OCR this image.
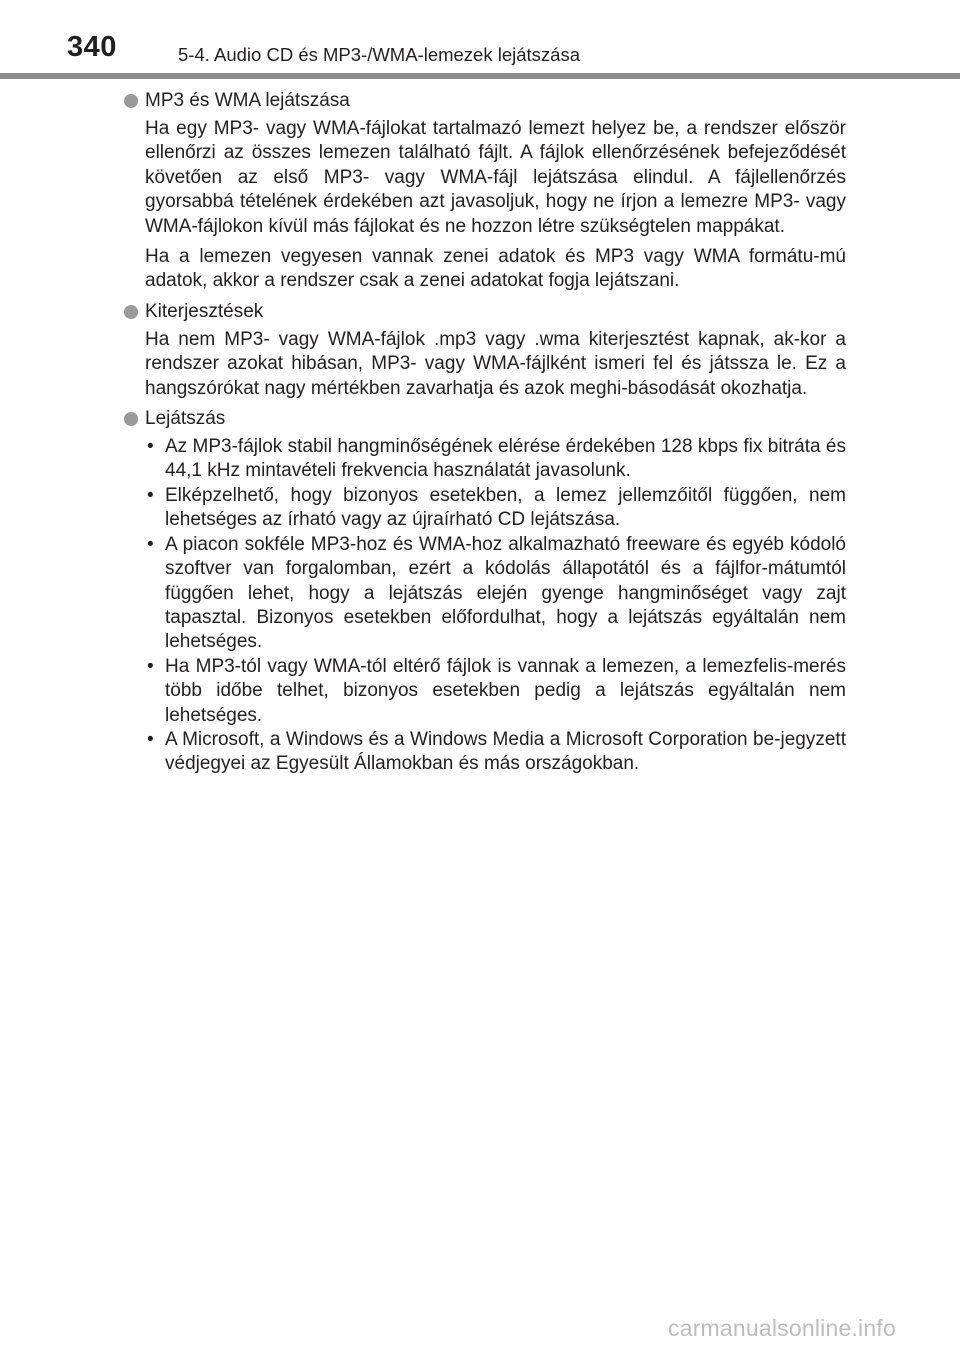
340	5-4. Audio CD és MP3-/WMA-lemezek lejátszása
MP3 és WMA lejátszása

Ha egy MP3- vagy WMA-fájlokat tartalmazó lemezt helyez be, a rendszer először ellenőrzi az összes lemezen található fájlt. A fájlok ellenőrzésének befejeződését követően az első MP3- vagy WMA-fájl lejátszása elindul. A fájlellenőrzés gyorsabbá tételének érdekében azt javasoljuk, hogy ne írjon a lemezre MP3- vagy WMA-fájlokon kívül más fájlokat és ne hozzon létre szükségtelen mappákat.

Ha a lemezen vegyesen vannak zenei adatok és MP3 vagy WMA formátu-mú adatok, akkor a rendszer csak a zenei adatokat fogja lejátszani.

Kiterjesztések

Ha nem MP3- vagy WMA-fájlok .mp3 vagy .wma kiterjesztést kapnak, ak-kor a rendszer azokat hibásan, MP3- vagy WMA-fájlként ismeri fel és játssza le. Ez a hangszórókat nagy mértékben zavarhatja és azok meghi-básodását okozhatja.

Lejátszás
• Az MP3-fájlok stabil hangminőségének elérése érdekében 128 kbps fix bitráta és 44,1 kHz mintavételi frekvencia használatát javasolunk.
• Elképzelhető, hogy bizonyos esetekben, a lemez jellemzőitől függően, nem lehetséges az írható vagy az újraírható CD lejátszása.
• A piacon sokféle MP3-hoz és WMA-hoz alkalmazható freeware és egyéb kódoló szoftver van forgalomban, ezért a kódolás állapotától és a fájlfor-mátumtól függően lehet, hogy a lejátszás elején gyenge hangminőséget vagy zajt tapasztal. Bizonyos esetekben előfordulhat, hogy a lejátszás egyáltalán nem lehetséges.
• Ha MP3-tól vagy WMA-tól eltérő fájlok is vannak a lemezen, a lemezfelis-merés több időbe telhet, bizonyos esetekben pedig a lejátszás egyáltalán nem lehetséges.
• A Microsoft, a Windows és a Windows Media a Microsoft Corporation be-jegyzett védjegyei az Egyesült Államokban és más országokban.
carmanualsonline.info
